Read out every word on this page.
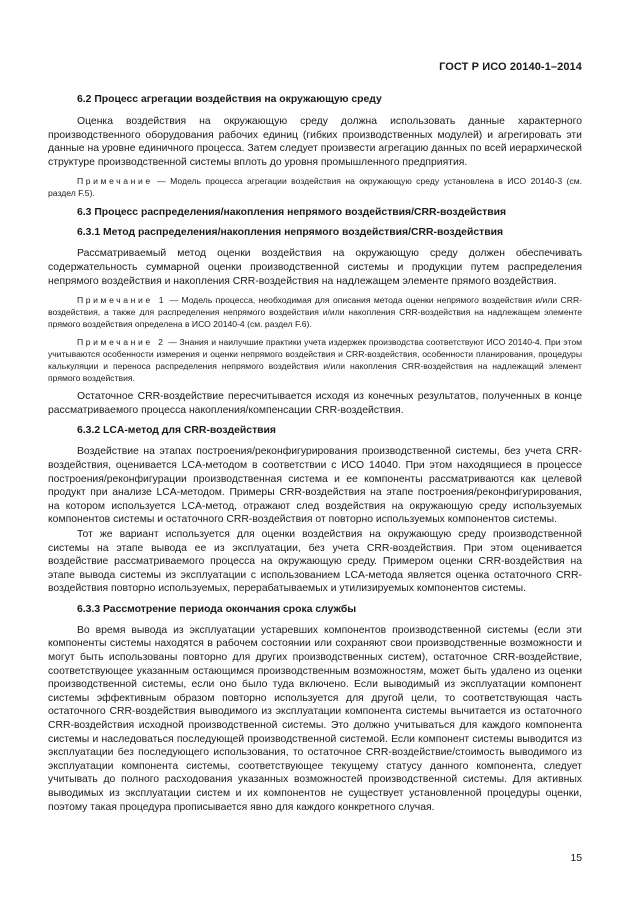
ГОСТ Р ИСО 20140-1–2014

6.2 Процесс агрегации воздействия на окружающую среду

Оценка воздействия на окружающую среду должна использовать данные характерного производственного оборудования рабочих единиц (гибких производственных модулей) и агрегировать эти данные на уровне единичного процесса. Затем следует произвести агрегацию данных по всей иерархической структуре производственной системы вплоть до уровня промышленного предприятия.

Примечание — Модель процесса агрегации воздействия на окружающую среду установлена в ИСО 20140-3 (см. раздел F.5).

6.3 Процесс распределения/накопления непрямого воздействия/CRR-воздействия

6.3.1 Метод распределения/накопления непрямого воздействия/CRR-воздействия

Рассматриваемый метод оценки воздействия на окружающую среду должен обеспечивать содержательность суммарной оценки производственной системы и продукции путем распределения непрямого воздействия и накопления CRR-воздействия на надлежащем элементе прямого воздействия.

Примечание 1 — Модель процесса, необходимая для описания метода оценки непрямого воздействия и/или CRR-воздействия, а также для распределения непрямого воздействия и/или накопления CRR-воздействия на надлежащем элементе прямого воздействия определена в ИСО 20140-4 (см. раздел F.6).

Примечание 2 — Знания и наилучшие практики учета издержек производства соответствуют ИСО 20140-4. При этом учитываются особенности измерения и оценки непрямого воздействия и CRR-воздействия, особенности планирования, процедуры калькуляции и переноса распределения непрямого воздействия и/или накопления CRR-воздействия на надлежащий элемент прямого воздействия.

Остаточное CRR-воздействие пересчитывается исходя из конечных результатов, полученных в конце рассматриваемого процесса накопления/компенсации CRR-воздействия.

6.3.2 LCA-метод для CRR-воздействия

Воздействие на этапах построения/реконфигурирования производственной системы, без учета CRR-воздействия, оценивается LCA-методом в соответствии с ИСО 14040. При этом находящиеся в процессе построения/реконфигурации производственная система и ее компоненты рассматриваются как целевой продукт при анализе LCA-методом. Примеры CRR-воздействия на этапе построения/реконфигурирования, на котором используется LCA-метод, отражают след воздействия на окружающую среду используемых компонентов системы и остаточного CRR-воздействия от повторно используемых компонентов системы.

Тот же вариант используется для оценки воздействия на окружающую среду производственной системы на этапе вывода ее из эксплуатации, без учета CRR-воздействия. При этом оценивается воздействие рассматриваемого процесса на окружающую среду. Примером оценки CRR-воздействия на этапе вывода системы из эксплуатации с использованием LCA-метода является оценка остаточного CRR-воздействия повторно используемых, перерабатываемых и утилизируемых компонентов системы.

6.3.3 Рассмотрение периода окончания срока службы

Во время вывода из эксплуатации устаревших компонентов производственной системы (если эти компоненты системы находятся в рабочем состоянии или сохраняют свои производственные возможности и могут быть использованы повторно для других производственных систем), остаточное CRR-воздействие, соответствующее указанным остающимся производственным возможностям, может быть удалено из оценки производственной системы, если оно было туда включено. Если выводимый из эксплуатации компонент системы эффективным образом повторно используется для другой цели, то соответствующая часть остаточного CRR-воздействия выводимого из эксплуатации компонента системы вычитается из остаточного CRR-воздействия исходной производственной системы. Это должно учитываться для каждого компонента системы и наследоваться последующей производственной системой. Если компонент системы выводится из эксплуатации без последующего использования, то остаточное CRR-воздействие/стоимость выводимого из эксплуатации компонента системы, соответствующее текущему статусу данного компонента, следует учитывать до полного расходования указанных возможностей производственной системы. Для активных выводимых из эксплуатации систем и их компонентов не существует установленной процедуры оценки, поэтому такая процедура прописывается явно для каждого конкретного случая.

15
